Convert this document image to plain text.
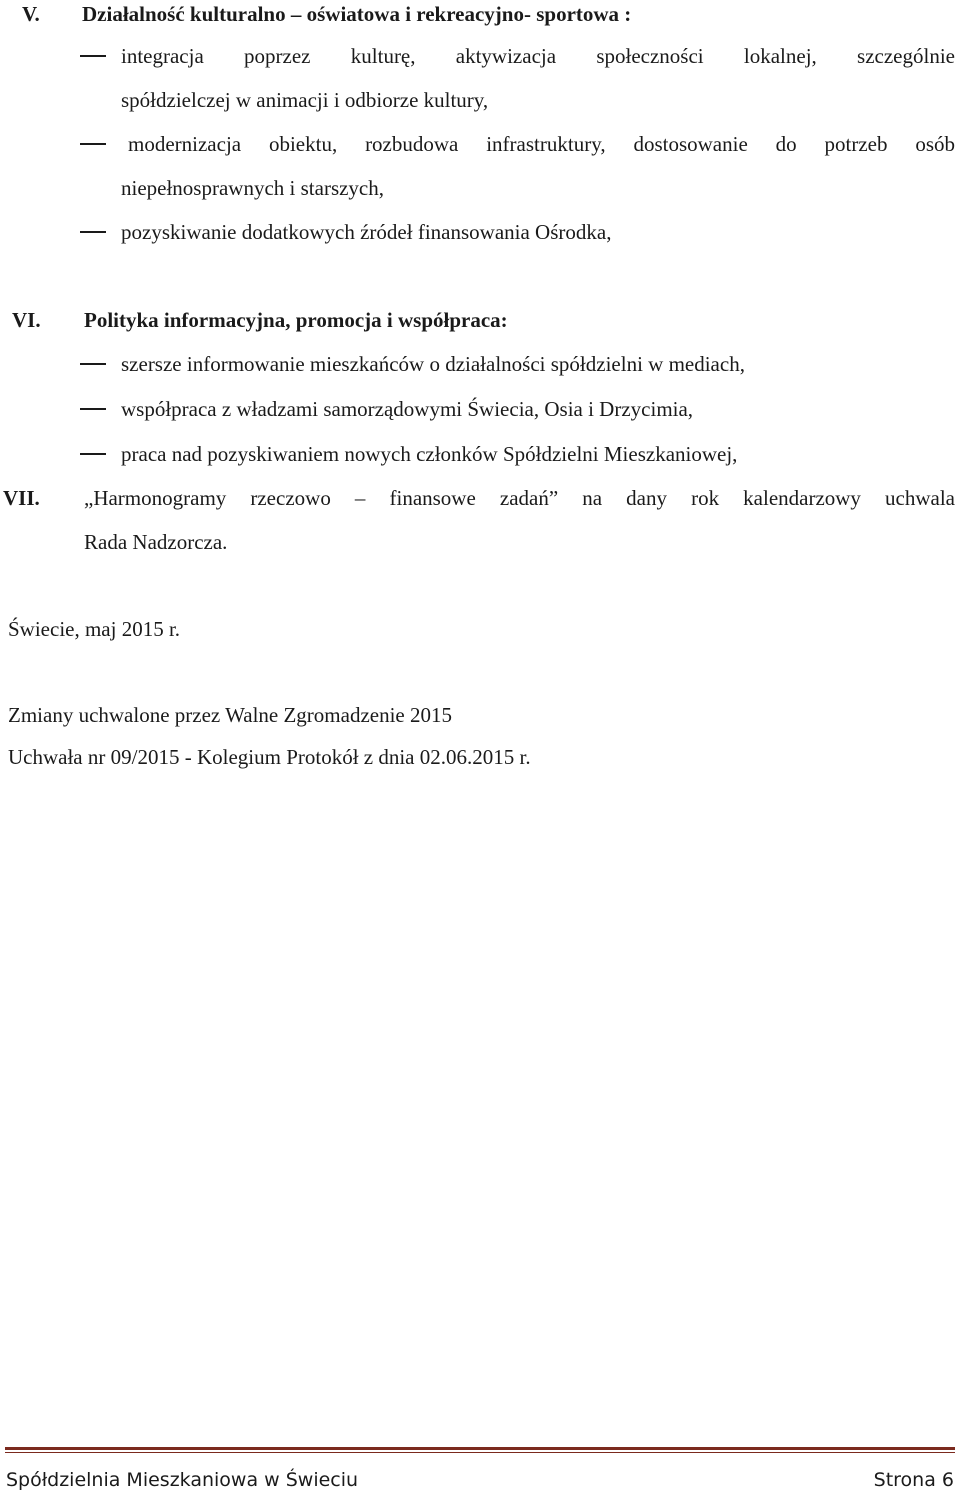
V. Działalność kulturalno – oświatowa i rekreacyjno- sportowa :
integracja poprzez kulturę, aktywizacja społeczności lokalnej, szczególnie
spółdzielczej w animacji i odbiorze kultury,
modernizacja obiektu, rozbudowa infrastruktury, dostosowanie do potrzeb osób
niepełnosprawnych i starszych,
pozyskiwanie dodatkowych źródeł finansowania Ośrodka,
VI. Polityka informacyjna, promocja i współpraca:
szersze informowanie mieszkańców o działalności spółdzielni w mediach,
współpraca z władzami samorządowymi Świecia, Osia i Drzycimia,
praca nad pozyskiwaniem nowych członków Spółdzielni Mieszkaniowej,
VII. „Harmonogramy rzeczowo – finansowe zadań” na dany rok kalendarzowy uchwala
Rada Nadzorcza.
Świecie, maj 2015 r.
Zmiany uchwalone przez Walne Zgromadzenie 2015
Uchwała nr 09/2015 - Kolegium Protokół z dnia 02.06.2015 r.
Spółdzielnia Mieszkaniowa w Świeciu	Strona 6
